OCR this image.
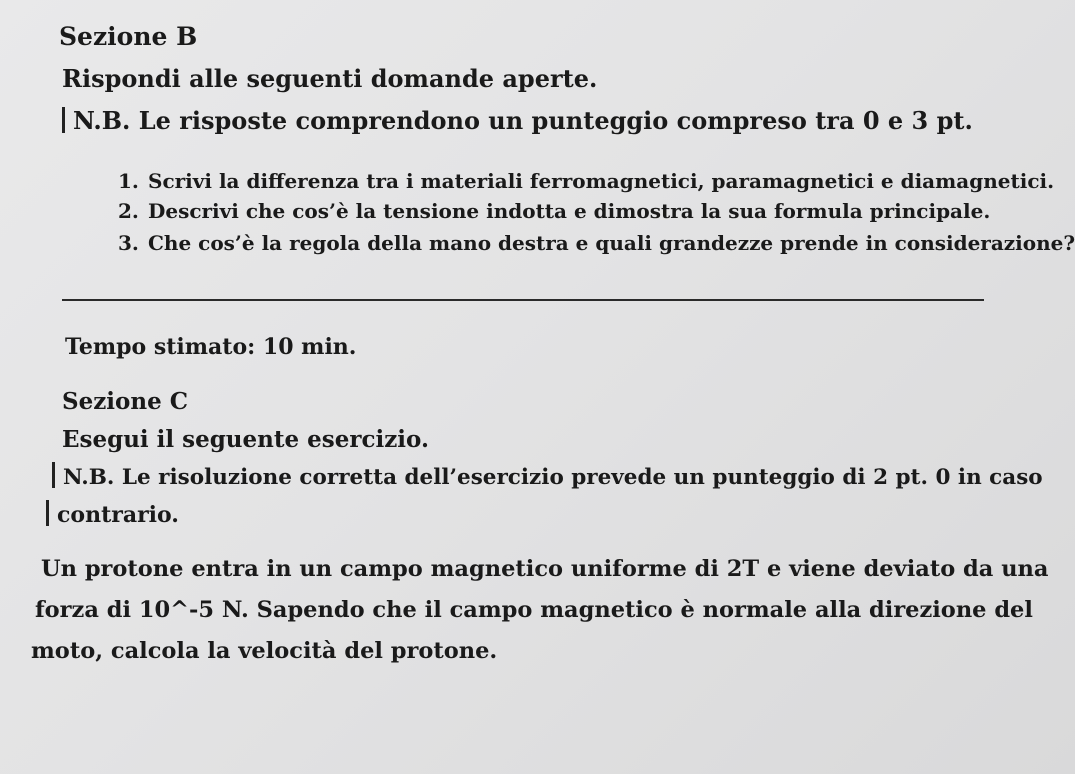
Sezione B
Rispondi alle seguenti domande aperte.
N.B. Le risposte comprendono un punteggio compreso tra 0 e 3 pt.
1. Scrivi la differenza tra i materiali ferromagnetici, paramagnetici e diamagnetici.
2. Descrivi che cos’è la tensione indotta e dimostra la sua formula principale.
3. Che cos’è la regola della mano destra e quali grandezze prende in considerazione?
Tempo stimato: 10 min.
Sezione C
Esegui il seguente esercizio.
N.B. Le risoluzione corretta dell’esercizio prevede un punteggio di 2 pt. 0 in caso
contrario.
Un protone entra in un campo magnetico uniforme di 2T e viene deviato da una
forza di 10^-5 N. Sapendo che il campo magnetico è normale alla direzione del
moto, calcola la velocità del protone.
